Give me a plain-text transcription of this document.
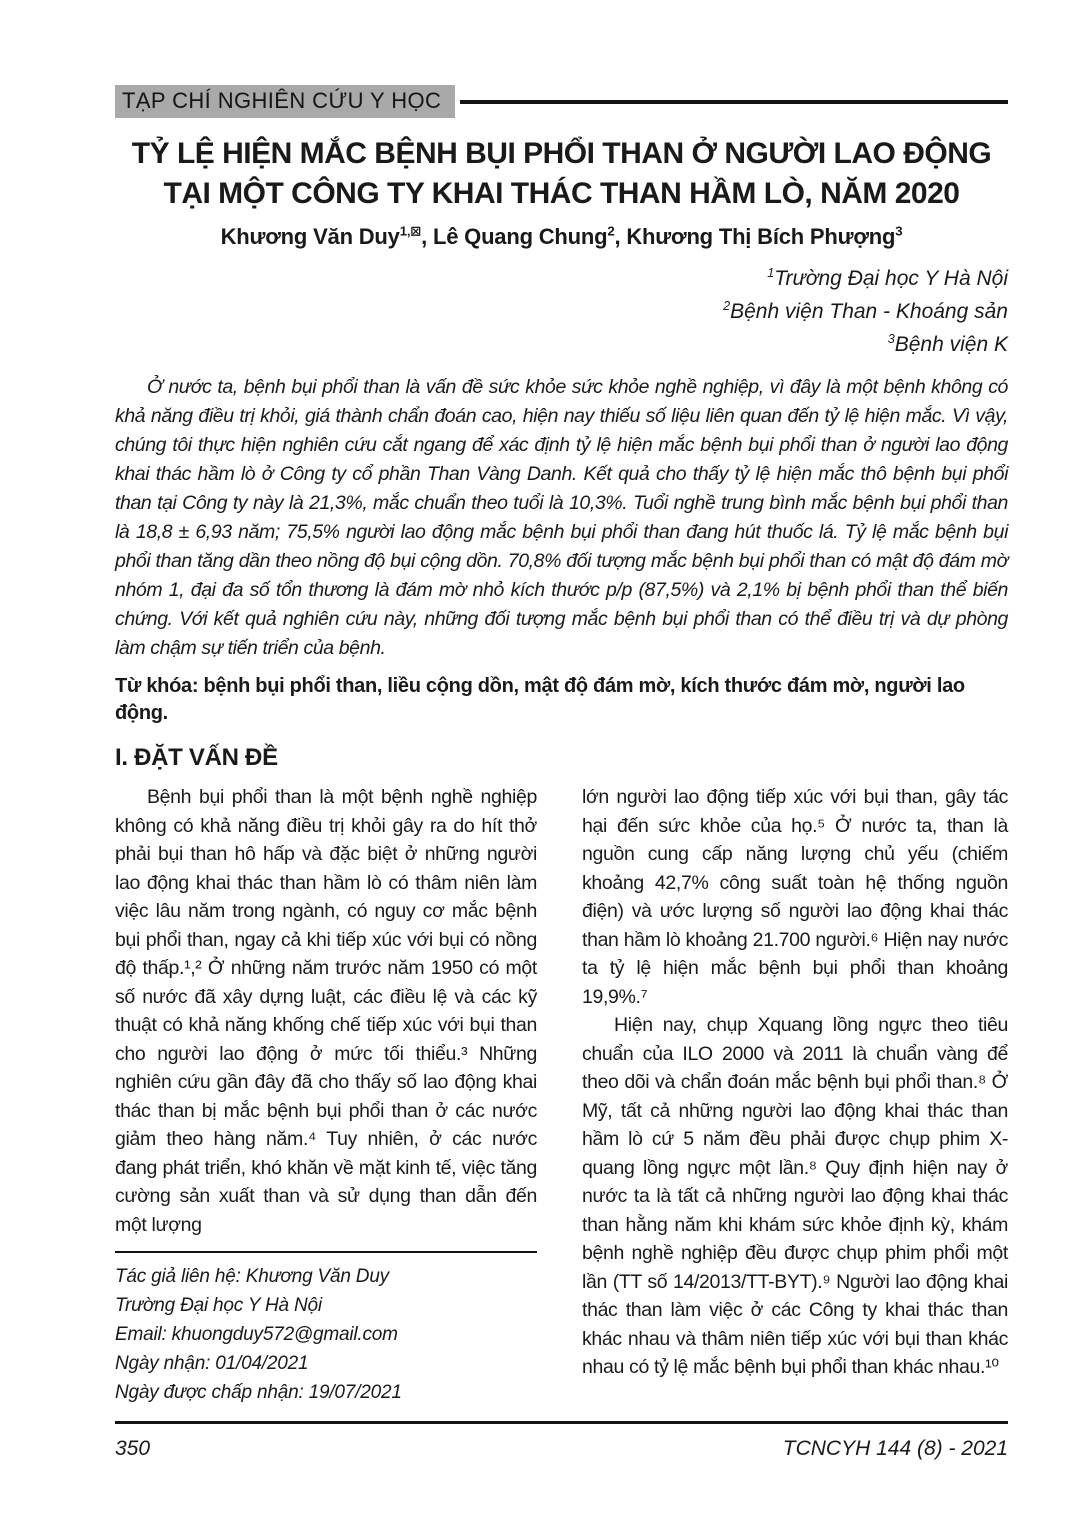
TẠP CHÍ NGHIÊN CỨU Y HỌC
TỶ LỆ HIỆN MẮC BỆNH BỤI PHỔI THAN Ở NGƯỜI LAO ĐỘNG
TẠI MỘT CÔNG TY KHAI THÁC THAN HẦM LÒ, NĂM 2020
Khương Văn Duy$^{1,⊠}$, Lê Quang Chung$^2$, Khương Thị Bích Phượng$^3$
$^1$Trường Đại học Y Hà Nội
$^2$Bệnh viện Than - Khoáng sản
$^3$Bệnh viện K

Ở nước ta, bệnh bụi phổi than là vấn đề sức khỏe sức khỏe nghề nghiệp, vì đây là một bệnh không có khả năng điều trị khỏi, giá thành chẩn đoán cao, hiện nay thiếu số liệu liên quan đến tỷ lệ hiện mắc. Vì vậy, chúng tôi thực hiện nghiên cứu cắt ngang để xác định tỷ lệ hiện mắc bệnh bụi phổi than ở người lao động khai thác hầm lò ở Công ty cổ phần Than Vàng Danh. Kết quả cho thấy tỷ lệ hiện mắc thô bệnh bụi phổi than tại Công ty này là 21,3%, mắc chuẩn theo tuổi là 10,3%. Tuổi nghề trung bình mắc bệnh bụi phổi than là 18,8 ± 6,93 năm; 75,5% người lao động mắc bệnh bụi phổi than đang hút thuốc lá. Tỷ lệ mắc bệnh bụi phổi than tăng dần theo nồng độ bụi cộng dồn. 70,8% đối tượng mắc bệnh bụi phổi than có mật độ đám mờ nhóm 1, đại đa số tổn thương là đám mờ nhỏ kích thước p/p (87,5%) và 2,1% bị bệnh phổi than thể biến chứng. Với kết quả nghiên cứu này, những đối tượng mắc bệnh bụi phổi than có thể điều trị và dự phòng làm chậm sự tiến triển của bệnh.

Từ khóa: bệnh bụi phổi than, liều cộng dồn, mật độ đám mờ, kích thước đám mờ, người lao động.

I. ĐẶT VẤN ĐỀ

Bệnh bụi phổi than là một bệnh nghề nghiệp không có khả năng điều trị khỏi gây ra do hít thở phải bụi than hô hấp và đặc biệt ở những người lao động khai thác than hầm lò có thâm niên làm việc lâu năm trong ngành, có nguy cơ mắc bệnh bụi phổi than, ngay cả khi tiếp xúc với bụi có nồng độ thấp.¹,² Ở những năm trước năm 1950 có một số nước đã xây dựng luật, các điều lệ và các kỹ thuật có khả năng khống chế tiếp xúc với bụi than cho người lao động ở mức tối thiểu.³ Những nghiên cứu gần đây đã cho thấy số lao động khai thác than bị mắc bệnh bụi phổi than ở các nước giảm theo hàng năm.⁴ Tuy nhiên, ở các nước đang phát triển, khó khăn về mặt kinh tế, việc tăng cường sản xuất than và sử dụng than dẫn đến một lượng

Tác giả liên hệ: Khương Văn Duy
Trường Đại học Y Hà Nội
Email: khuongduy572@gmail.com
Ngày nhận: 01/04/2021
Ngày được chấp nhận: 19/07/2021

lớn người lao động tiếp xúc với bụi than, gây tác hại đến sức khỏe của họ.⁵ Ở nước ta, than là nguồn cung cấp năng lượng chủ yếu (chiếm khoảng 42,7% công suất toàn hệ thống nguồn điện) và ước lượng số người lao động khai thác than hầm lò khoảng 21.700 người.⁶ Hiện nay nước ta tỷ lệ hiện mắc bệnh bụi phổi than khoảng 19,9%.⁷

Hiện nay, chụp Xquang lồng ngực theo tiêu chuẩn của ILO 2000 và 2011 là chuẩn vàng để theo dõi và chẩn đoán mắc bệnh bụi phổi than.⁸ Ở Mỹ, tất cả những người lao động khai thác than hầm lò cứ 5 năm đều phải được chụp phim X-quang lồng ngực một lần.⁸ Quy định hiện nay ở nước ta là tất cả những người lao động khai thác than hằng năm khi khám sức khỏe định kỳ, khám bệnh nghề nghiệp đều được chụp phim phổi một lần (TT số 14/2013/TT-BYT).⁹ Người lao động khai thác than làm việc ở các Công ty khai thác than khác nhau và thâm niên tiếp xúc với bụi than khác nhau có tỷ lệ mắc bệnh bụi phổi than khác nhau.¹⁰

350	TCNCYH 144 (8) - 2021
